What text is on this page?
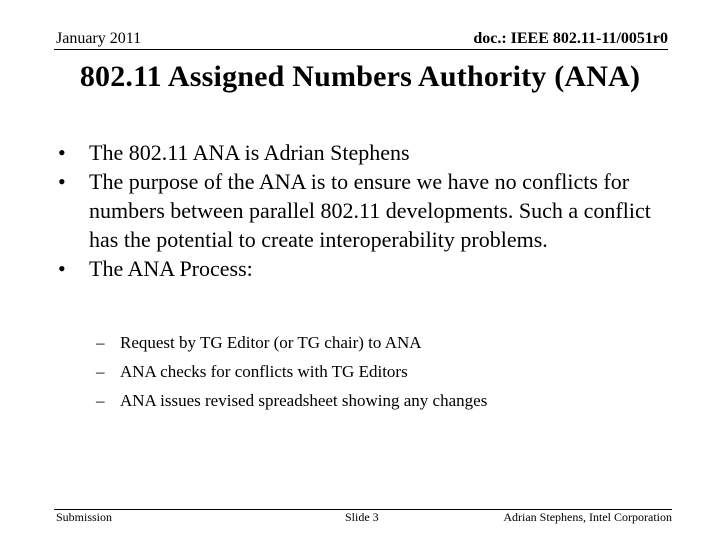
January 2011	doc.: IEEE 802.11-11/0051r0
802.11 Assigned Numbers Authority (ANA)
• The 802.11 ANA is Adrian Stephens
• The purpose of the ANA is to ensure we have no conflicts for numbers between parallel 802.11 developments. Such a conflict has the potential to create interoperability problems.
• The ANA Process:
– Request by TG Editor (or TG chair) to ANA
– ANA checks for conflicts with TG Editors
– ANA issues revised spreadsheet showing any changes
Submission	Slide 3	Adrian Stephens, Intel Corporation
